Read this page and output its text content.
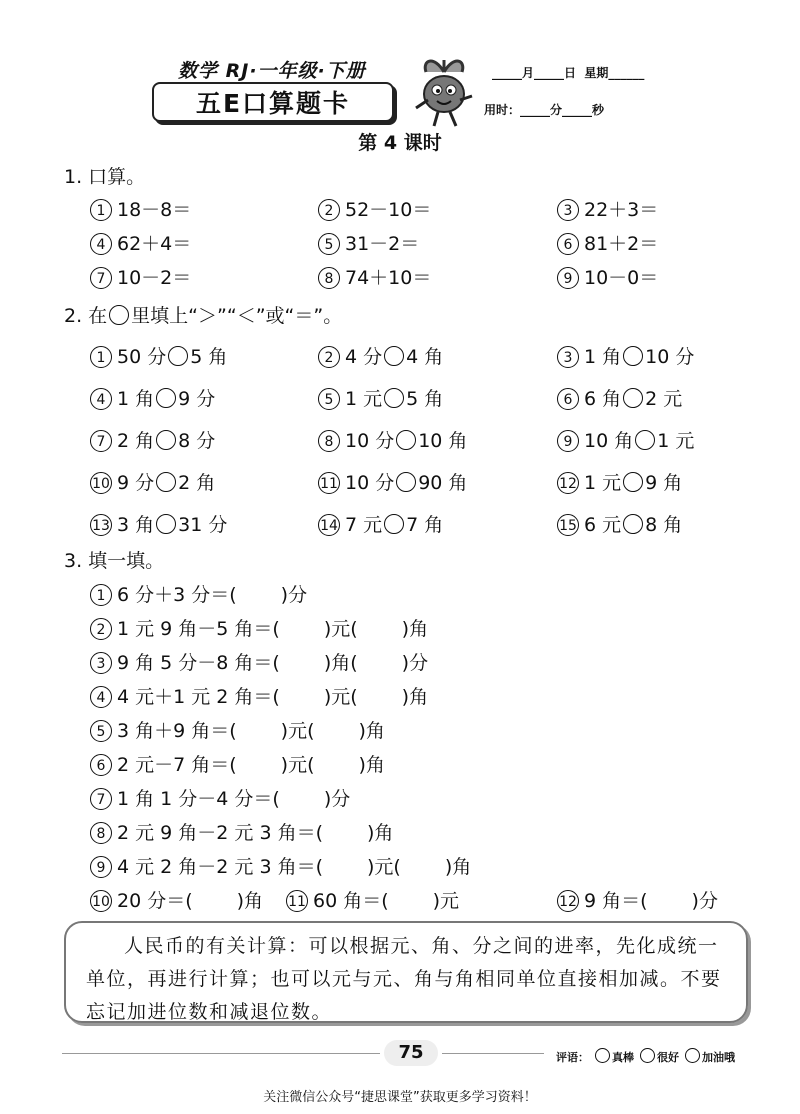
数学 RJ·一年级·下册
五E口算题卡
_____月_____日  星期______
用时：_____分_____秒
第 4 课时
1. 口算。
1 18－8＝	2 52－10＝	3 22＋3＝
4 62＋4＝	5 31－2＝	6 81＋2＝
7 10－2＝	8 74＋10＝	9 10－0＝
2. 在 里填上“＞”“＜”或“＝”。
1 50 分 5 角	2 4 分 4 角	3 1 角 10 分
4 1 角 9 分	5 1 元 5 角	6 6 角 2 元
7 2 角 8 分	8 10 分 10 角	9 10 角 1 元
10 9 分 2 角	11 10 分 90 角	12 1 元 9 角
13 3 角 31 分	14 7 元 7 角	15 6 元 8 角
3. 填一填。
1 6 分＋3 分＝( )分
2 1 元 9 角－5 角＝( )元( )角
3 9 角 5 分－8 角＝( )角( )分
4 4 元＋1 元 2 角＝( )元( )角
5 3 角＋9 角＝( )元( )角
6 2 元－7 角＝( )元( )角
7 1 角 1 分－4 分＝( )分
8 2 元 9 角－2 元 3 角＝( )角
9 4 元 2 角－2 元 3 角＝( )元( )角
10 20 分＝( )角 11 60 角＝( )元	12 9 角＝( )分
人民币的有关计算：可以根据元、角、分之间的进率，先化成统一单位，再进行计算；也可以元与元、角与角相同单位直接相加减。不要忘记加进位数和减退位数。
75	评语： 真棒 很好 加油哦
关注微信公众号“捷思课堂”获取更多学习资料！
